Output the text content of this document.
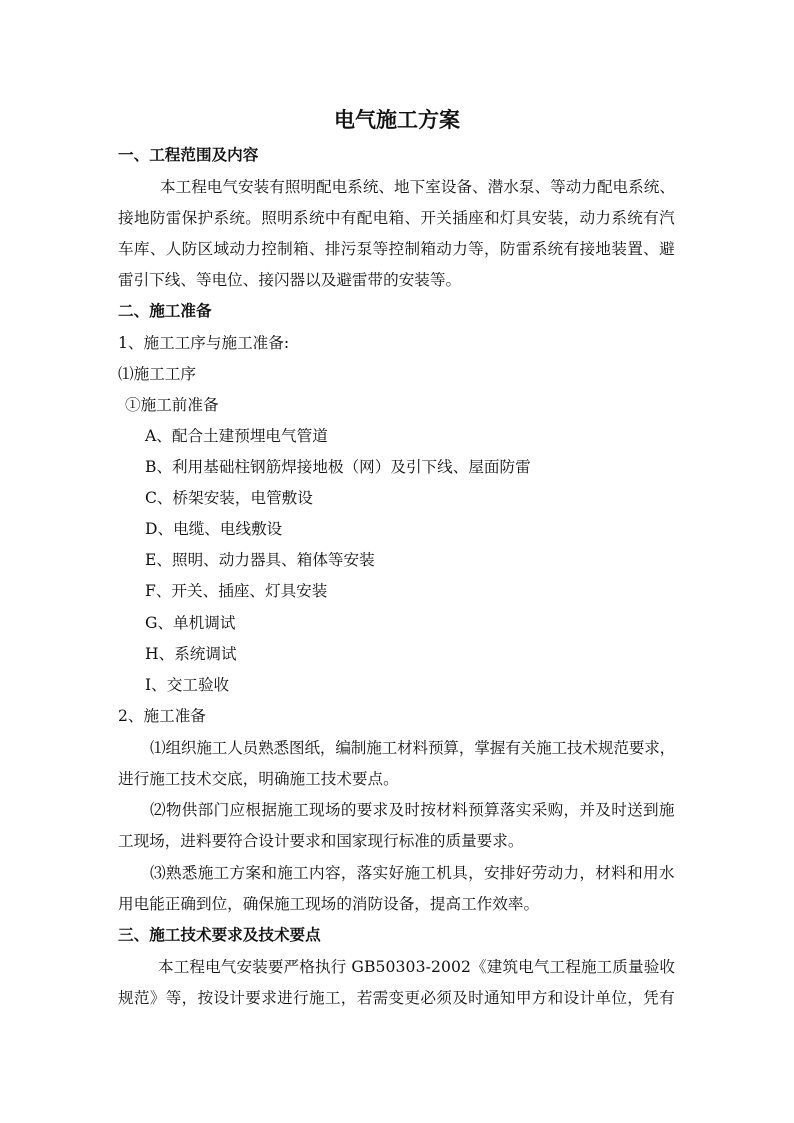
电气施工方案
一、工程范围及内容
本工程电气安装有照明配电系统、地下室设备、潜水泵、等动力配电系统、
接地防雷保护系统。照明系统中有配电箱、开关插座和灯具安装，动力系统有汽
车库、人防区域动力控制箱、排污泵等控制箱动力等，防雷系统有接地装置、避
雷引下线、等电位、接闪器以及避雷带的安装等。
二、施工准备
1、施工工序与施工准备:
⑴施工工序
①施工前准备
A、配合土建预埋电气管道
B、利用基础柱钢筋焊接地极（网）及引下线、屋面防雷
C、桥架安装，电管敷设
D、电缆、电线敷设
E、照明、动力器具、箱体等安装
F、开关、插座、灯具安装
G、单机调试
H、系统调试
I、交工验收
2、施工准备
⑴组织施工人员熟悉图纸，编制施工材料预算，掌握有关施工技术规范要求，
进行施工技术交底，明确施工技术要点。
⑵物供部门应根据施工现场的要求及时按材料预算落实采购，并及时送到施
工现场，进料要符合设计要求和国家现行标准的质量要求。
⑶熟悉施工方案和施工内容，落实好施工机具，安排好劳动力，材料和用水
用电能正确到位，确保施工现场的消防设备，提高工作效率。
三、施工技术要求及技术要点
本工程电气安装要严格执行 GB50303-2002《建筑电气工程施工质量验收
规范》等，按设计要求进行施工，若需变更必须及时通知甲方和设计单位，凭有
